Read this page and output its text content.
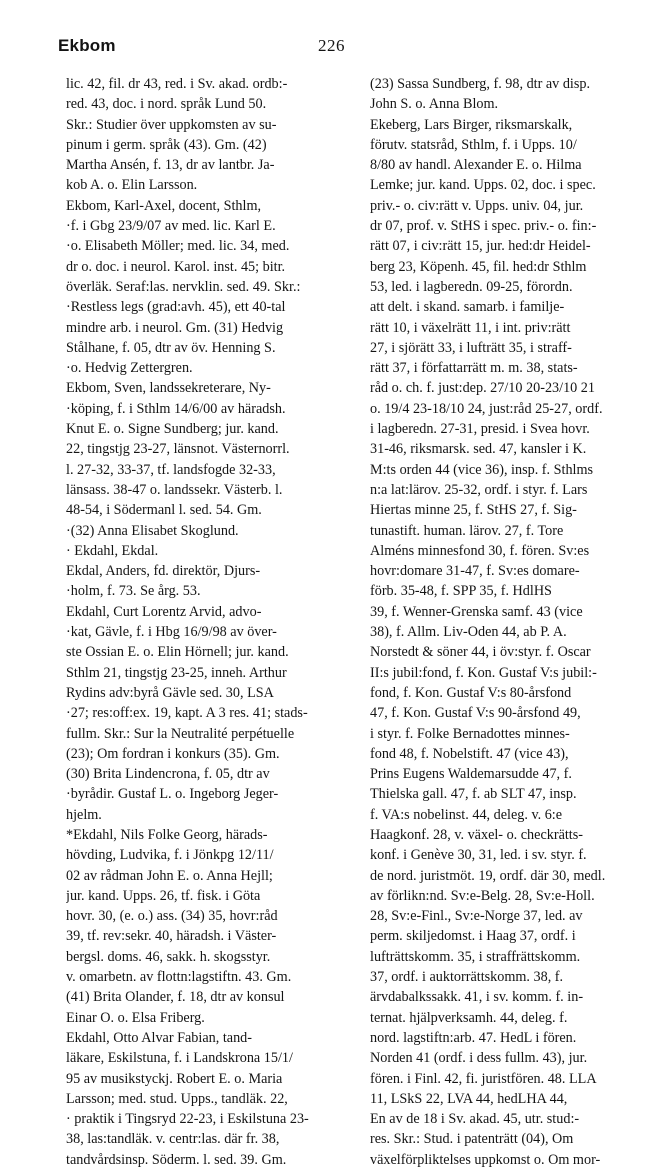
Ekbom	226
lic. 42, fil. dr 43, red. i Sv. akad. ordb:-
red. 43, doc. i nord. språk Lund 50.
Skr.: Studier över uppkomsten av su-
pinum i germ. språk (43). Gm. (42)
Martha Ansén, f. 13, dr av lantbr. Ja-
kob A. o. Elin Larsson.
Ekbom, Karl-Axel, docent, Sthlm,
·f. i Gbg 23/9/07 av med. lic. Karl E.
·o. Elisabeth Möller; med. lic. 34, med.
dr o. doc. i neurol. Karol. inst. 45; bitr.
överläk. Seraf:las. nervklin. sed. 49. Skr.:
·Restless legs (grad:avh. 45), ett 40-tal
mindre arb. i neurol. Gm. (31) Hedvig
Stålhane, f. 05, dtr av öv. Henning S.
·o. Hedvig Zettergren.
Ekbom, Sven, landssekreterare, Ny-
·köping, f. i Sthlm 14/6/00 av häradsh.
Knut E. o. Signe Sundberg; jur. kand.
22, tingstjg 23-27, länsnot. Västernorrl.
l. 27-32, 33-37, tf. landsfogde 32-33,
länsass. 38-47 o. landssekr. Västerb. l.
48-54, i Södermanl l. sed. 54. Gm.
·(32) Anna Elisabet Skoglund.
· Ekdahl, Ekdal.
Ekdal, Anders, fd. direktör, Djurs-
·holm, f. 73. Se årg. 53.
Ekdahl, Curt Lorentz Arvid, advo-
·kat, Gävle, f. i Hbg 16/9/98 av över-
ste Ossian E. o. Elin Hörnell; jur. kand.
Sthlm 21, tingstjg 23-25, inneh. Arthur
Rydins adv:byrå Gävle sed. 30, LSA
·27; res:off:ex. 19, kapt. A 3 res. 41; stads-
fullm. Skr.: Sur la Neutralité perpétuelle
(23); Om fordran i konkurs (35). Gm.
(30) Brita Lindencrona, f. 05, dtr av
·byrådir. Gustaf L. o. Ingeborg Jeger-
hjelm.
*Ekdahl, Nils Folke Georg, härads-
hövding, Ludvika, f. i Jönkpg 12/11/
02 av rådman John E. o. Anna Hejll;
jur. kand. Upps. 26, tf. fisk. i Göta
hovr. 30, (e. o.) ass. (34) 35, hovr:råd
39, tf. rev:sekr. 40, häradsh. i Väster-
bergsl. doms. 46, sakk. h. skogsstyr.
v. omarbetn. av flottn:lagstiftn. 43. Gm.
(41) Brita Olander, f. 18, dtr av konsul
Einar O. o. Elsa Friberg.
Ekdahl, Otto Alvar Fabian, tand-
läkare, Eskilstuna, f. i Landskrona 15/1/
95 av musikstyckj. Robert E. o. Maria
Larsson; med. stud. Upps., tandläk. 22,
· praktik i Tingsryd 22-23, i Eskilstuna 23-
38, las:tandläk. v. centr:las. där fr. 38,
tandvårdsinsp. Söderm. l. sed. 39. Gm.
(23) Sassa Sundberg, f. 98, dtr av disp.
John S. o. Anna Blom.
Ekeberg, Lars Birger, riksmarskalk,
förutv. statsråd, Sthlm, f. i Upps. 10/
8/80 av handl. Alexander E. o. Hilma
Lemke; jur. kand. Upps. 02, doc. i spec.
priv.- o. civ:rätt v. Upps. univ. 04, jur.
dr 07, prof. v. StHS i spec. priv.- o. fin:-
rätt 07, i civ:rätt 15, jur. hed:dr Heidel-
berg 23, Köpenh. 45, fil. hed:dr Sthlm
53, led. i lagberedn. 09-25, förordn.
att delt. i skand. samarb. i familje-
rätt 10, i växelrätt 11, i int. priv:rätt
27, i sjörätt 33, i lufträtt 35, i straff-
rätt 37, i författarrätt m. m. 38, stats-
råd o. ch. f. just:dep. 27/10 20-23/10 21
o. 19/4 23-18/10 24, just:råd 25-27, ordf.
i lagberedn. 27-31, presid. i Svea hovr.
31-46, riksmarsk. sed. 47, kansler i K.
M:ts orden 44 (vice 36), insp. f. Sthlms
n:a lat:lärov. 25-32, ordf. i styr. f. Lars
Hiertas minne 25, f. StHS 27, f. Sig-
tunastift. human. lärov. 27, f. Tore
Alméns minnesfond 30, f. fören. Sv:es
hovr:domare 31-47, f. Sv:es domare-
förb. 35-48, f. SPP 35, f. HdlHS
39, f. Wenner-Grenska samf. 43 (vice
38), f. Allm. Liv-Oden 44, ab P. A.
Norstedt & söner 44, i öv:styr. f. Oscar
II:s jubil:fond, f. Kon. Gustaf V:s jubil:-
fond, f. Kon. Gustaf V:s 80-årsfond
47, f. Kon. Gustaf V:s 90-årsfond 49,
i styr. f. Folke Bernadottes minnes-
fond 48, f. Nobelstift. 47 (vice 43),
Prins Eugens Waldemarsudde 47, f.
Thielska gall. 47, f. ab SLT 47, insp.
f. VA:s nobelinst. 44, deleg. v. 6:e
Haagkonf. 28, v. växel- o. checkrätts-
konf. i Genève 30, 31, led. i sv. styr. f.
de nord. juristmöt. 19, ordf. där 30, medl.
av förlikn:nd. Sv:e-Belg. 28, Sv:e-Holl.
28, Sv:e-Finl., Sv:e-Norge 37, led. av
perm. skiljedomst. i Haag 37, ordf. i
lufträttskomm. 35, i straffrättskomm.
37, ordf. i auktorrättskomm. 38, f.
ärvdabalkssakk. 41, i sv. komm. f. in-
ternat. hjälpverksamh. 44, deleg. f.
nord. lagstiftn:arb. 47. HedL i fören.
Norden 41 (ordf. i dess fullm. 43), jur.
fören. i Finl. 42, fi. juristfören. 48. LLA
11, LSkS 22, LVA 44, hedLHA 44,
En av de 18 i Sv. akad. 45, utr. stud:-
res. Skr.: Stud. i patenträtt (04), Om
växelförpliktelses uppkomst o. Om mor-
